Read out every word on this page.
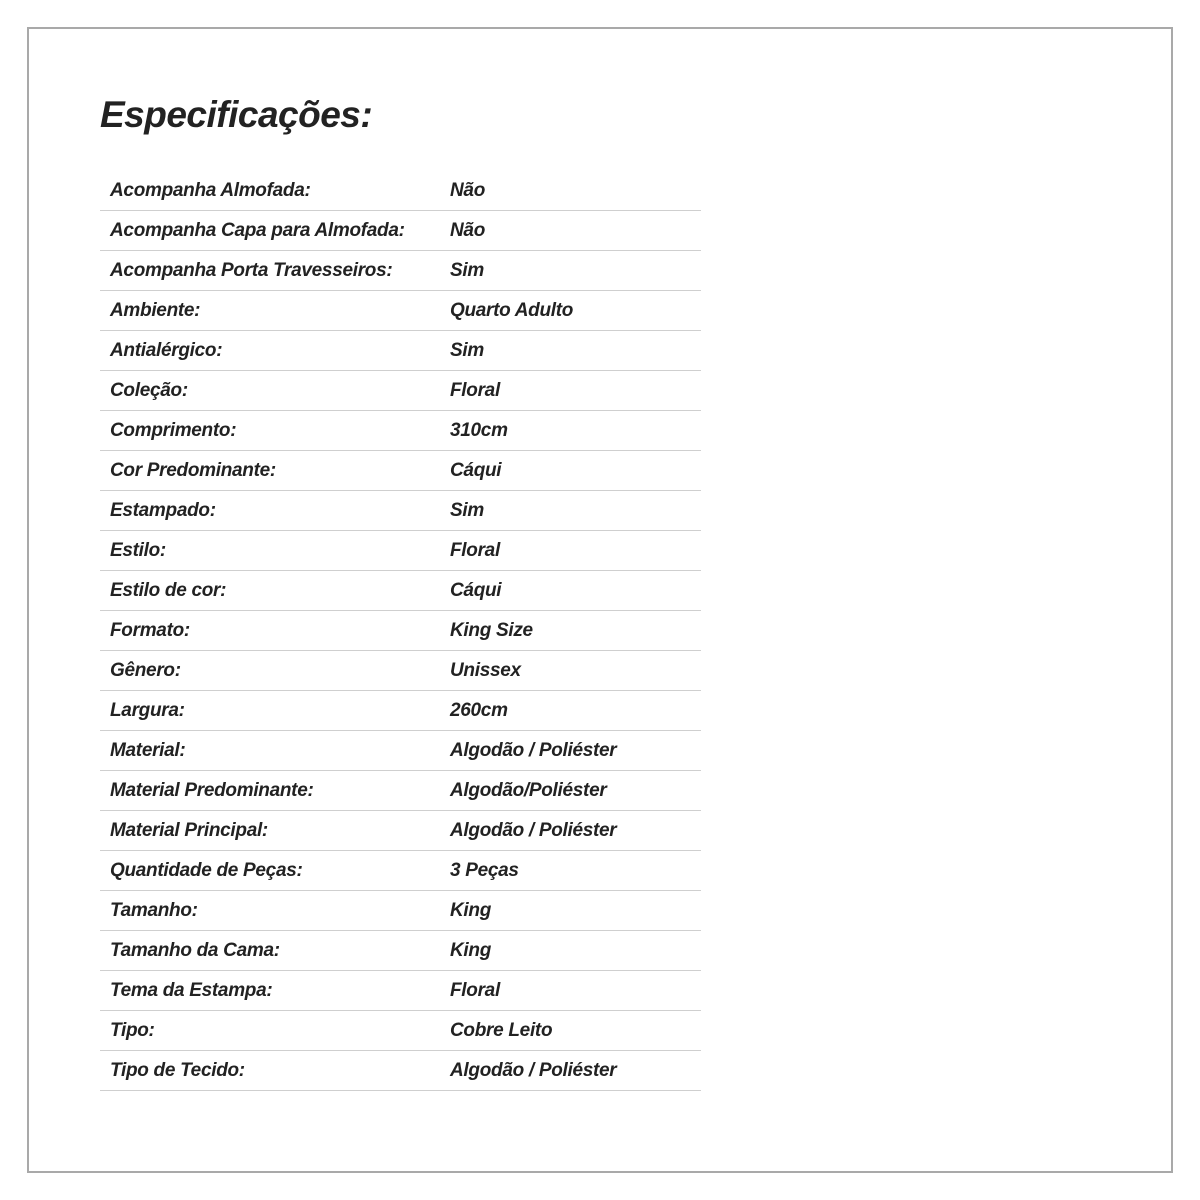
Especificações:
Acompanha Almofada:	Não
Acompanha Capa para Almofada:	Não
Acompanha Porta Travesseiros:	Sim
Ambiente:	Quarto Adulto
Antialérgico:	Sim
Coleção:	Floral
Comprimento:	310cm
Cor Predominante:	Cáqui
Estampado:	Sim
Estilo:	Floral
Estilo de cor:	Cáqui
Formato:	King Size
Gênero:	Unissex
Largura:	260cm
Material:	Algodão / Poliéster
Material Predominante:	Algodão/Poliéster
Material Principal:	Algodão / Poliéster
Quantidade de Peças:	3 Peças
Tamanho:	King
Tamanho da Cama:	King
Tema da Estampa:	Floral
Tipo:	Cobre Leito
Tipo de Tecido:	Algodão / Poliéster
